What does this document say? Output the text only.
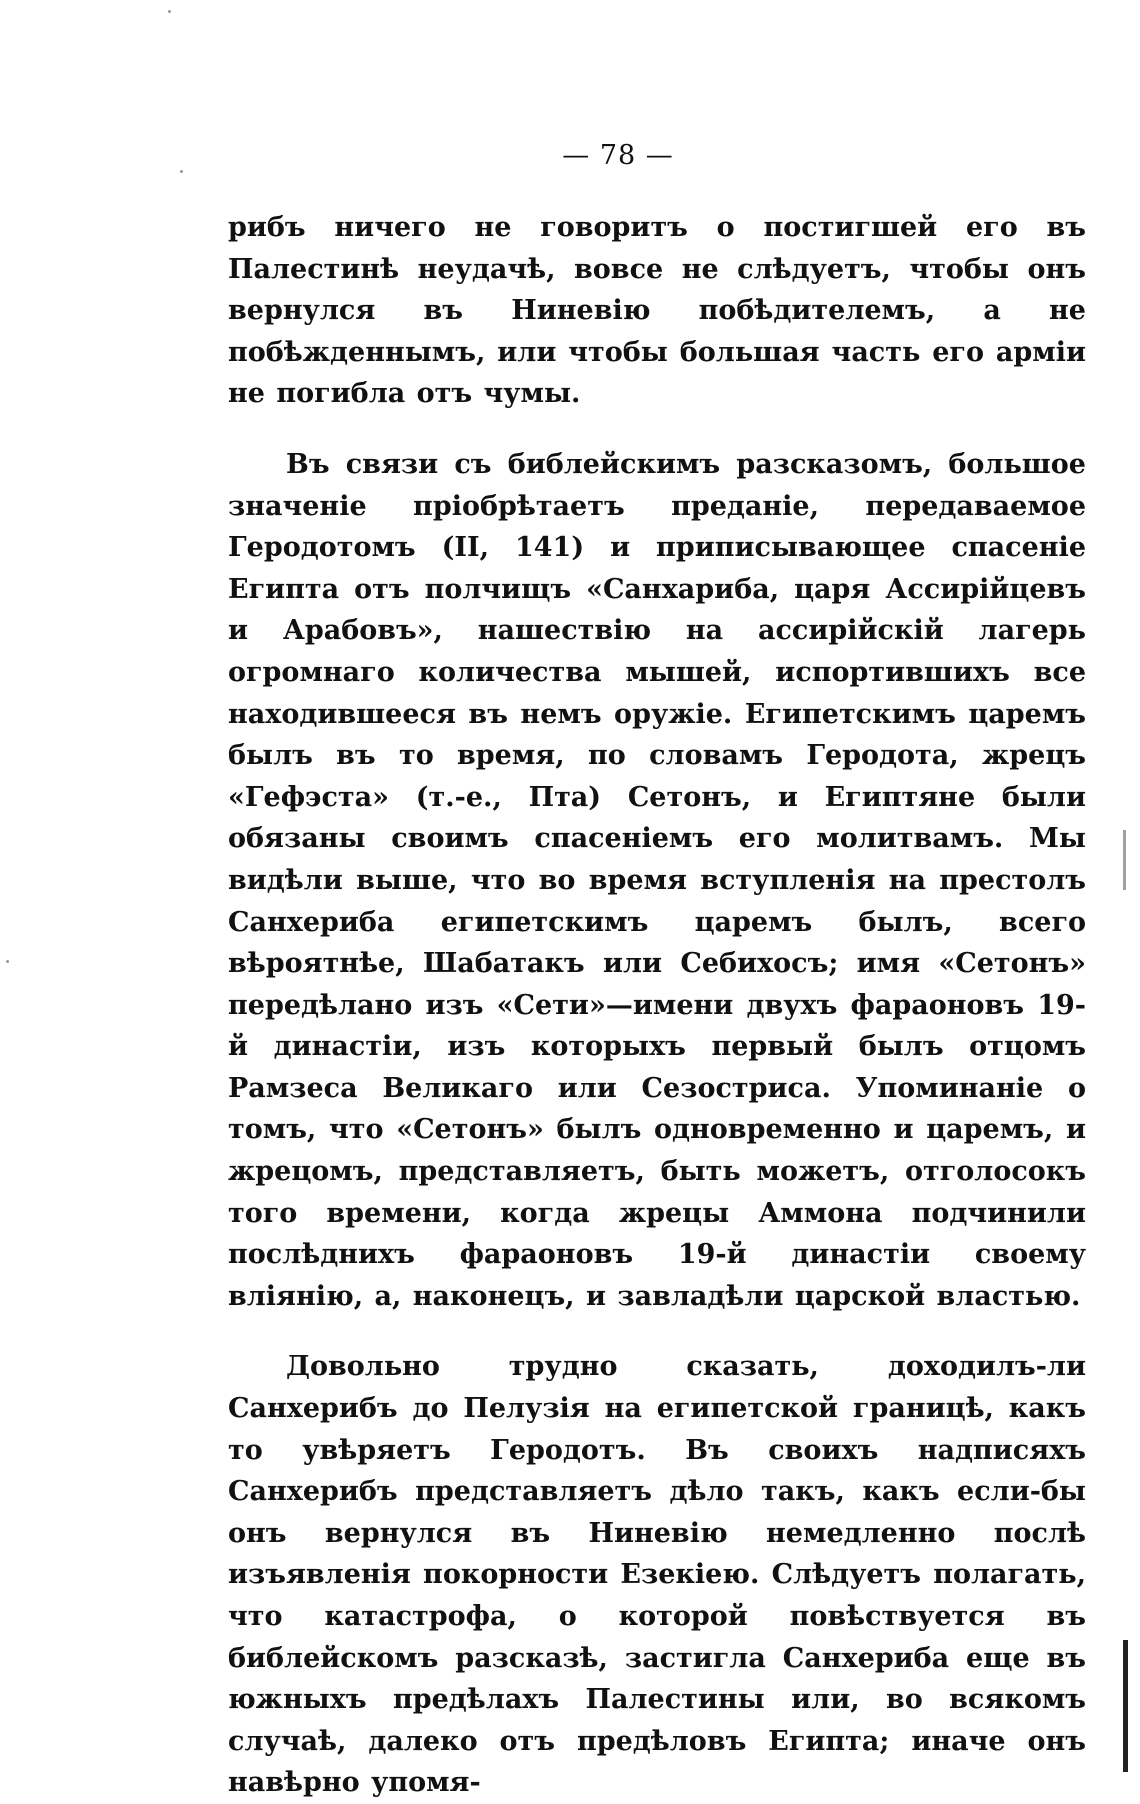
— 78 —

рибъ ничего не говоритъ о постигшей его въ Палестинѣ неудачѣ, вовсе не слѣдуетъ, чтобы онъ вернулся въ Ниневію побѣдителемъ, а не побѣжденнымъ, или чтобы большая часть его арміи не погибла отъ чумы.

Въ связи съ библейскимъ разсказомъ, большое значеніе пріобрѣтаетъ преданіе, передаваемое Геродотомъ (II, 141) и приписывающее спасеніе Египта отъ полчищъ «Санхариба, царя Ассирійцевъ и Арабовъ», нашествію на ассирійскій лагерь огромнаго количества мышей, испортившихъ все находившееся въ немъ оружіе. Египетскимъ царемъ былъ въ то время, по словамъ Геродота, жрецъ «Гефэста» (т.-е., Пта) Сетонъ, и Египтяне были обязаны своимъ спасеніемъ его молитвамъ. Мы видѣли выше, что во время вступленія на престолъ Санхериба египетскимъ царемъ былъ, всего вѣроятнѣе, Шабатакъ или Себихосъ; имя «Сетонъ» передѣлано изъ «Сети»—имени двухъ фараоновъ 19-й династіи, изъ которыхъ первый былъ отцомъ Рамзеса Великаго или Сезостриса. Упоминаніе о томъ, что «Сетонъ» былъ одновременно и царемъ, и жрецомъ, представляетъ, быть можетъ, отголосокъ того времени, когда жрецы Аммона подчинили послѣднихъ фараоновъ 19-й династіи своему вліянію, а, наконецъ, и завладѣли царской властью.

Довольно трудно сказать, доходилъ-ли Санхерибъ до Пелузія на египетской границѣ, какъ то увѣряетъ Геродотъ. Въ своихъ надписяхъ Санхерибъ представляетъ дѣло такъ, какъ если-бы онъ вернулся въ Ниневію немедленно послѣ изъявленія покорности Езекіею. Слѣдуетъ полагать, что катастрофа, о которой повѣствуется въ библейскомъ разсказѣ, застигла Санхериба еще въ южныхъ предѣлахъ Палестины или, во всякомъ случаѣ, далеко отъ предѣловъ Египта; иначе онъ навѣрно упомя-
